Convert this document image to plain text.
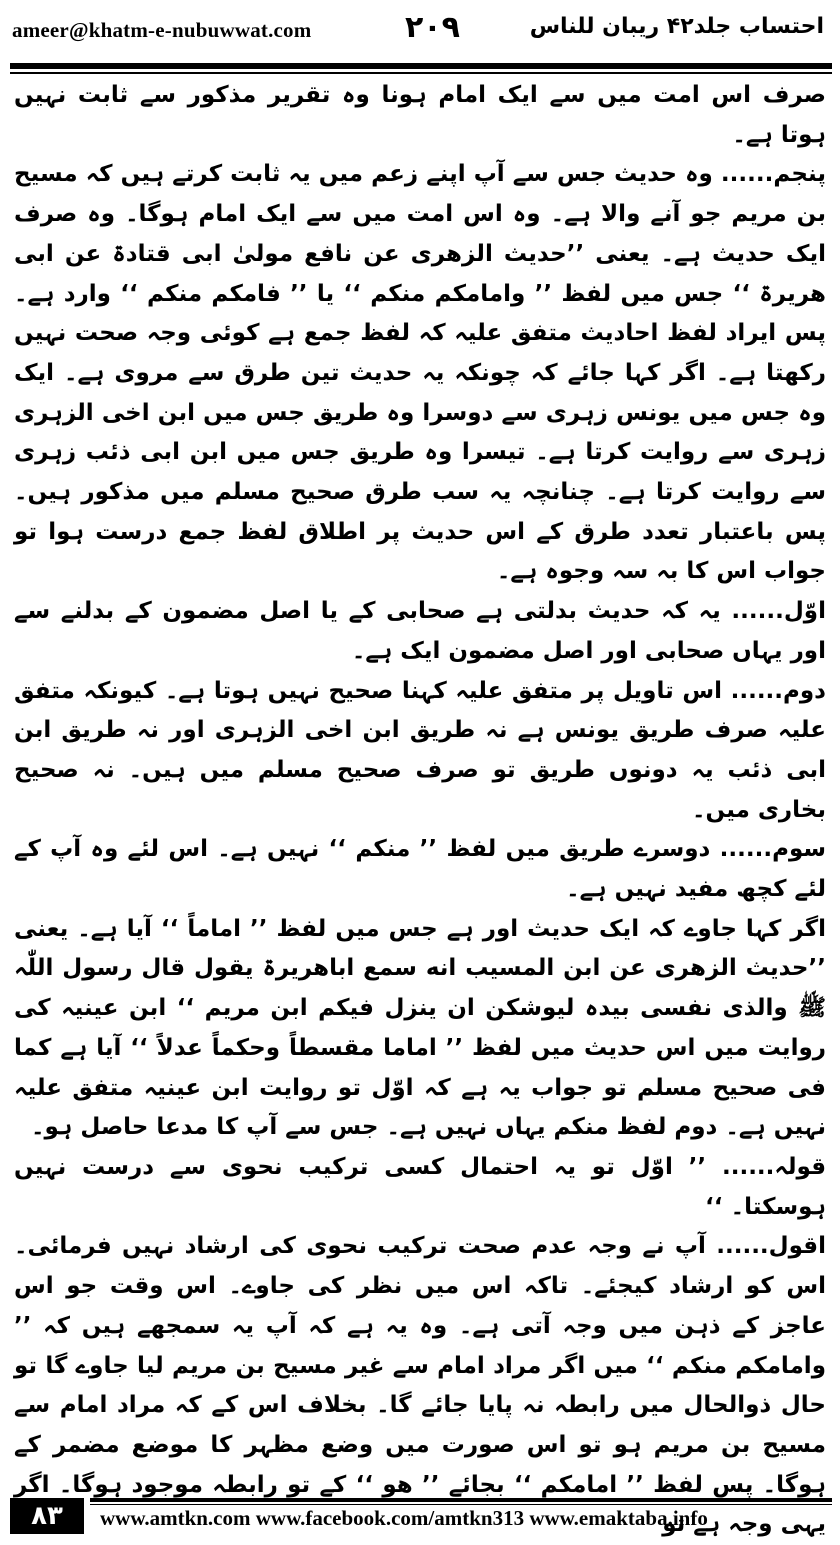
ameer@khatm-e-nubuwwat.com	۲۰۹	احتساب جلد۴۲ ریبان للناس

صرف اس امت میں سے ایک امام ہونا وہ تقریر مذکور سے ثابت نہیں ہوتا ہے۔

پنجم...... وہ حدیث جس سے آپ اپنے زعم میں یہ ثابت کرتے ہیں کہ مسیح بن مریم جو آنے والا ہے۔ وہ اس امت میں سے ایک امام ہوگا۔ وہ صرف ایک حدیث ہے۔ یعنی ’’حدیث الزھری عن نافع مولیٰ ابی قتادۃ عن ابی ھریرۃ ‘‘ جس میں لفظ ’’ وامامکم منکم ‘‘ یا ’’ فامکم منکم ‘‘ وارد ہے۔ پس ایراد لفظ احادیث متفق علیہ کہ لفظ جمع ہے کوئی وجہ صحت نہیں رکھتا ہے۔ اگر کہا جائے کہ چونکہ یہ حدیث تین طرق سے مروی ہے۔ ایک وہ جس میں یونس زہری سے دوسرا وہ طریق جس میں ابن اخی الزہری زہری سے روایت کرتا ہے۔ تیسرا وہ طریق جس میں ابن ابی ذئب زہری سے روایت کرتا ہے۔ چنانچہ یہ سب طرق صحیح مسلم میں مذکور ہیں۔ پس باعتبار تعدد طرق کے اس حدیث پر اطلاق لفظ جمع درست ہوا تو جواب اس کا بہ سہ وجوہ ہے۔

اوّل...... یہ کہ حدیث بدلتی ہے صحابی کے یا اصل مضمون کے بدلنے سے اور یہاں صحابی اور اصل مضمون ایک ہے۔

دوم...... اس تاویل پر متفق علیہ کہنا صحیح نہیں ہوتا ہے۔ کیونکہ متفق علیہ صرف طریق یونس ہے نہ طریق ابن اخی الزہری اور نہ طریق ابن ابی ذئب یہ دونوں طریق تو صرف صحیح مسلم میں ہیں۔ نہ صحیح بخاری میں۔

سوم...... دوسرے طریق میں لفظ ’’ منکم ‘‘ نہیں ہے۔ اس لئے وہ آپ کے لئے کچھ مفید نہیں ہے۔

اگر کہا جاوے کہ ایک حدیث اور ہے جس میں لفظ ’’ اماماً ‘‘ آیا ہے۔ یعنی ’’حدیث الزھری عن ابن المسیب انه سمع اباھریرۃ یقول قال رسول اللّٰہ ﷺ والذی نفسی بیدہ لیوشکن ان ینزل فیکم ابن مریم ‘‘ ابن عینیہ کی روایت میں اس حدیث میں لفظ ’’ اماما مقسطاً وحکماً عدلاً ‘‘ آیا ہے کما فی صحیح مسلم تو جواب یہ ہے کہ اوّل تو روایت ابن عینیہ متفق علیہ نہیں ہے۔ دوم لفظ منکم یہاں نہیں ہے۔ جس سے آپ کا مدعا حاصل ہو۔

قولہ...... ’’ اوّل تو یہ احتمال کسی ترکیب نحوی سے درست نہیں ہوسکتا۔ ‘‘

اقول...... آپ نے وجہ عدم صحت ترکیب نحوی کی ارشاد نہیں فرمائی۔ اس کو ارشاد کیجئے۔ تاکہ اس میں نظر کی جاوے۔ اس وقت جو اس عاجز کے ذہن میں وجہ آتی ہے۔ وہ یہ ہے کہ آپ یہ سمجھے ہیں کہ ’’ وامامکم منکم ‘‘ میں اگر مراد امام سے غیر مسیح بن مریم لیا جاوے گا تو حال ذوالحال میں رابطہ نہ پایا جائے گا۔ بخلاف اس کے کہ مراد امام سے مسیح بن مریم ہو تو اس صورت میں وضع مظہر کا موضع مضمر کے ہوگا۔ پس لفظ ’’ امامکم ‘‘ بجائے ’’ ھو ‘‘ کے تو رابطہ موجود ہوگا۔ اگر یہی وجہ ہے تو

۸۳	www.amtkn.com www.facebook.com/amtkn313 www.emaktaba.info
